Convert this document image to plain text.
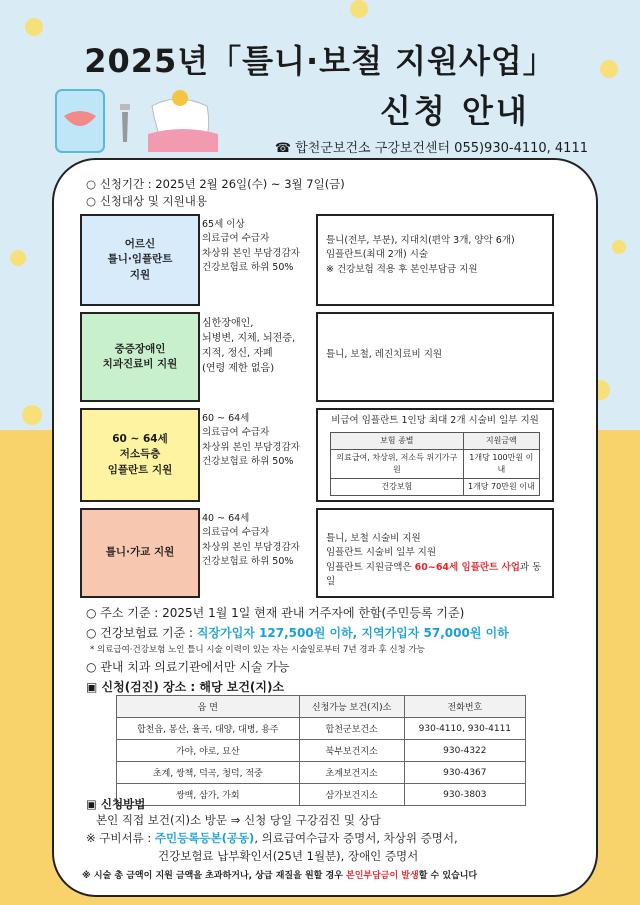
2025년「틀니·보철 지원사업」
신청 안내
☎ 합천군보건소 구강보건센터 055)930-4110, 4111
○ 신청기간 : 2025년 2월 26일(수) ~ 3월 7일(금)
○ 신청대상 및 지원내용
어르신
틀니·임플란트
지원
65세 이상
의료급여 수급자
차상위 본인 부담경감자
건강보험료 하위 50%
틀니(전부, 부분), 지대치(편악 3개, 양악 6개)
임플란트(최대 2개) 시술
※ 건강보험 적용 후 본인부담금 지원
중증장애인
치과진료비 지원
심한장애인,
뇌병변, 지체, 뇌전증,
지적, 정신, 자폐
(연령 제한 없음)
틀니, 보철, 레진치료비 지원
60 ~ 64세
저소득층
임플란트 지원
60 ~ 64세
의료급여 수급자
차상위 본인 부담경감자
건강보험료 하위 50%
비급여 임플란트 1인당 최대 2개 시술비 일부 지원
보험 종별	지원금액
의료급여, 차상위, 저소득 위기가구원	1개당 100만원 이내
건강보험	1개당 70만원 이내
틀니·가교 지원
40 ~ 64세
의료급여 수급자
차상위 본인 부담경감자
건강보험료 하위 50%
틀니, 보철 시술비 지원
임플란트 시술비 일부 지원
임플란트 지원금액은 60~64세 임플란트 사업과 동일
○ 주소 기준 : 2025년 1월 1일 현재 관내 거주자에 한함(주민등록 기준)
○ 건강보험료 기준 : 직장가입자 127,500원 이하, 지역가입자 57,000원 이하
* 의료급여·건강보험 노인 틀니 시술 이력이 있는 자는 시술일로부터 7년 경과 후 신청 가능
○ 관내 치과 의료기관에서만 시술 가능
▣ 신청(검진) 장소 : 해당 보건(지)소
읍 면	신청가능 보건(지)소	전화번호
합천읍, 봉산, 율곡, 대양, 대병, 용주	합천군보건소	930-4110, 930-4111
가야, 야로, 묘산	북부보건지소	930-4322
초계, 쌍책, 덕곡, 청덕, 적중	초계보건지소	930-4367
쌍백, 삼가, 가회	삼가보건지소	930-3803
▣ 신청방법
본인 직접 보건(지)소 방문 ⇒ 신청 당일 구강검진 및 상담
※ 구비서류 : 주민등록등본(공동), 의료급여수급자 증명서, 차상위 증명서,
건강보험료 납부확인서(25년 1월분), 장애인 증명서
※ 시술 총 금액이 지원 금액을 초과하거나, 상급 재질을 원할 경우 본인부담금이 발생할 수 있습니다
